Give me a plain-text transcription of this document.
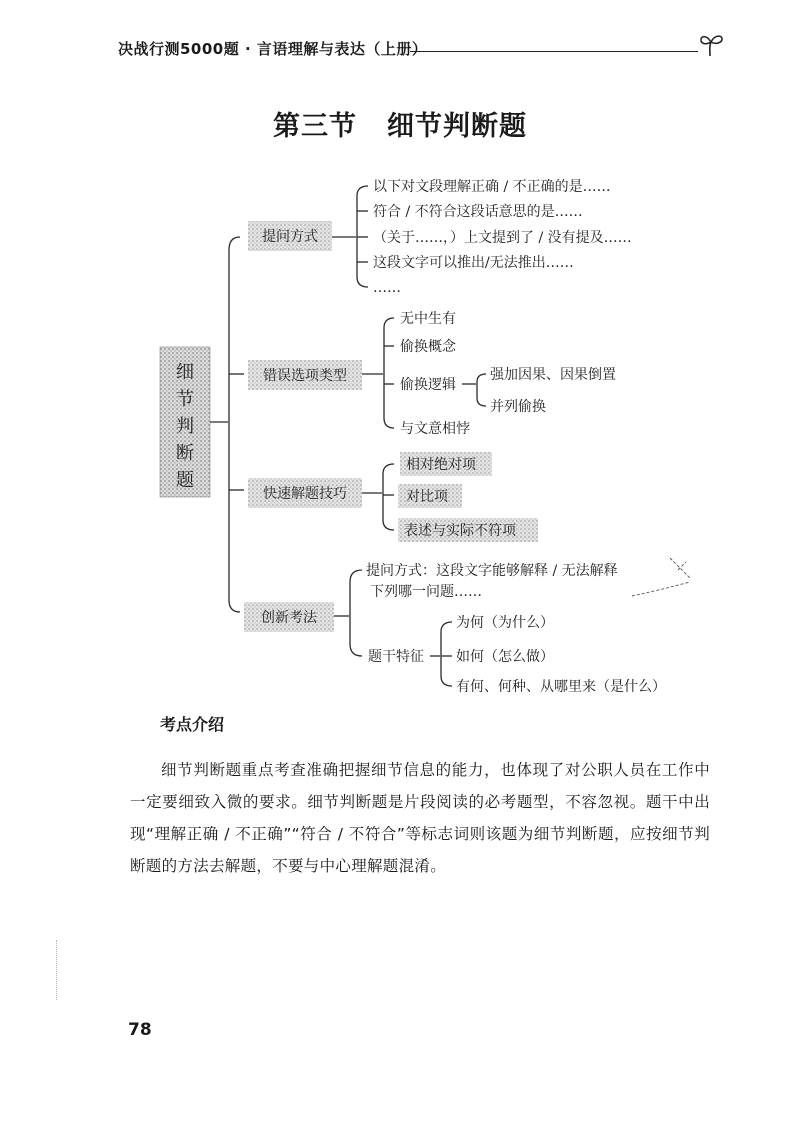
决战行测5000题 · 言语理解与表达（上册）
第三节 细节判断题
细节判断题
提问方式
错误选项类型
快速解题技巧
创新考法
以下对文段理解正确 / 不正确的是……
符合 / 不符合这段话意思的是……
（关于……，）上文提到了 / 没有提及……
这段文字可以推出/无法推出……
……
无中生有
偷换概念
偷换逻辑
与文意相悖
强加因果、因果倒置
并列偷换
相对绝对项
对比项
表述与实际不符项
提问方式：这段文字能够解释 / 无法解释
下列哪一问题……
题干特征
为何（为什么）
如何（怎么做）
有何、何种、从哪里来（是什么）
考点介绍
细节判断题重点考查准确把握细节信息的能力，也体现了对公职人员在工作中一定要细致入微的要求。细节判断题是片段阅读的必考题型，不容忽视。题干中出现“理解正确 / 不正确”“符合 / 不符合”等标志词则该题为细节判断题，应按细节判断题的方法去解题，不要与中心理解题混淆。
78
